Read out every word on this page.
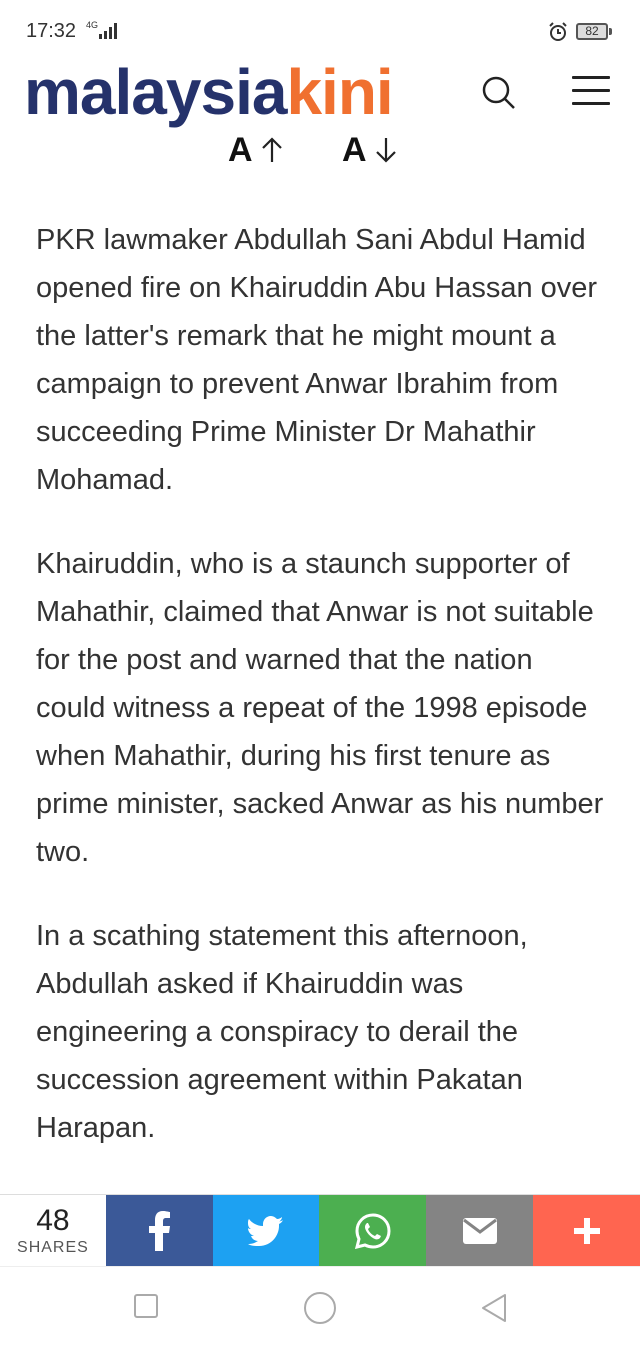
17:32 4G	82
malaysiakini
A	A

PKR lawmaker Abdullah Sani Abdul Hamid opened fire on Khairuddin Abu Hassan over the latter's remark that he might mount a campaign to prevent Anwar Ibrahim from succeeding Prime Minister Dr Mahathir Mohamad.

Khairuddin, who is a staunch supporter of Mahathir, claimed that Anwar is not suitable for the post and warned that the nation could witness a repeat of the 1998 episode when Mahathir, during his first tenure as prime minister, sacked Anwar as his number two.

In a scathing statement this afternoon, Abdullah asked if Khairuddin was engineering a conspiracy to derail the succession agreement within Pakatan Harapan.

48
SHARES
